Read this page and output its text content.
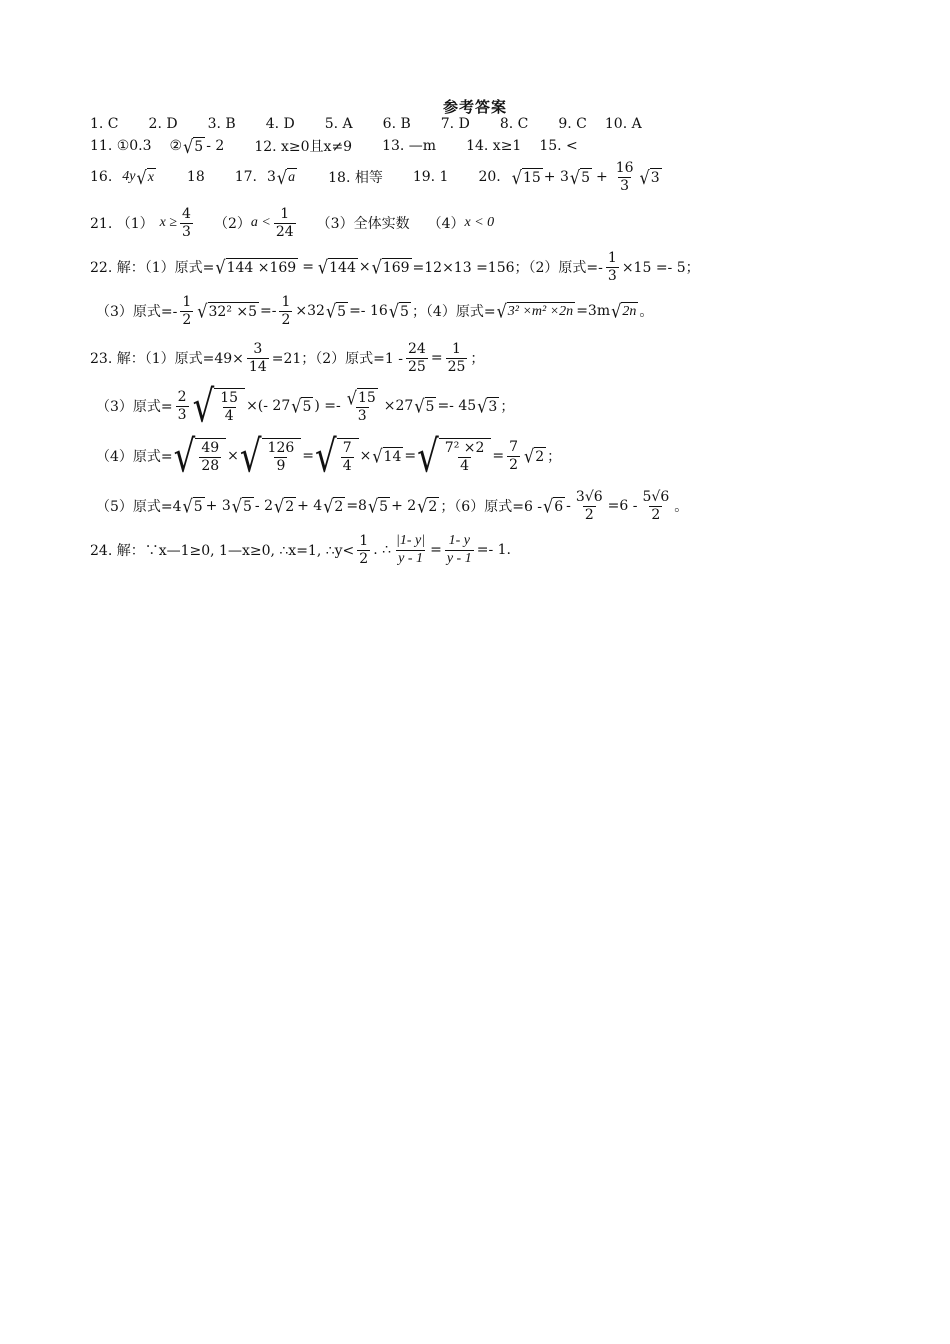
参考答案
1. C 2. D 3. B 4. D 5. A 6. B 7. D 8. C 9. C 10. A
11. ①0.3 ② √ 5 - 2 12. x≥0且x≠9 13. —m 14. x≥1 15. <
16. 4y √ x 18 17. 3 √ a 18. 相等 19. 1 20. √ 15 + 3 √ $5 + \frac{16}{3}$ √ 3
21. （1） $x \ge \frac{4}{3} (2) a < \frac{1}{24} (3)$全体实数 （4） x < 0
22. 解：（1）原式= √ 144 ×169 = √ 144 × √ 169 =12×13 =156；（2）原式=- $\frac{1}{3} \times 15 =- 5$；
（3）原式=- $\frac{1}{2}$ √ $32^2 \times 5 =- \frac{1}{2} \times 32$ √ 5 =- 16 √ 5 ；（4）原式= √ 3² ×m² ×2n =3m √ 2n 。
23. 解：（1）原式$=49\times \frac{3}{14} =21$；（2）原式$=1 - \frac{24}{25} = \frac{1}{25}$ ；
（3）原式= $\frac{2}{3}$ √ $\frac{15}{4}$ ×(- 27 √ 5 ) =- $\frac{√ 15}{3} \times 27$ √ 5 =- 45 √ 3 ；
（4）原式= √ $\frac{49}{28}$ × √ $\frac{126}{9}$ = √ $\frac{7}{4}$ × √ 14 = √ $\frac{\text{7² ×2}}{4} = \frac{7}{2}$ √ 2 ；
（5）原式=4 √ 5 + 3 √ 5 - 2 √ 2 + 4 √ 2 =8 √ 5 + 2 √ 2 ；（6）原式=6 - √ $6 - \frac{3√6}{2} =6 - \frac{5√6}{2}$ 。
24. 解：∵x—1≥0, 1—x≥0, ∴x=1, ∴y< $\frac{1}{2}$ . ∴ $\frac{|1- y|}{y - 1} = \frac{1- y}{y - 1} =- 1$.
